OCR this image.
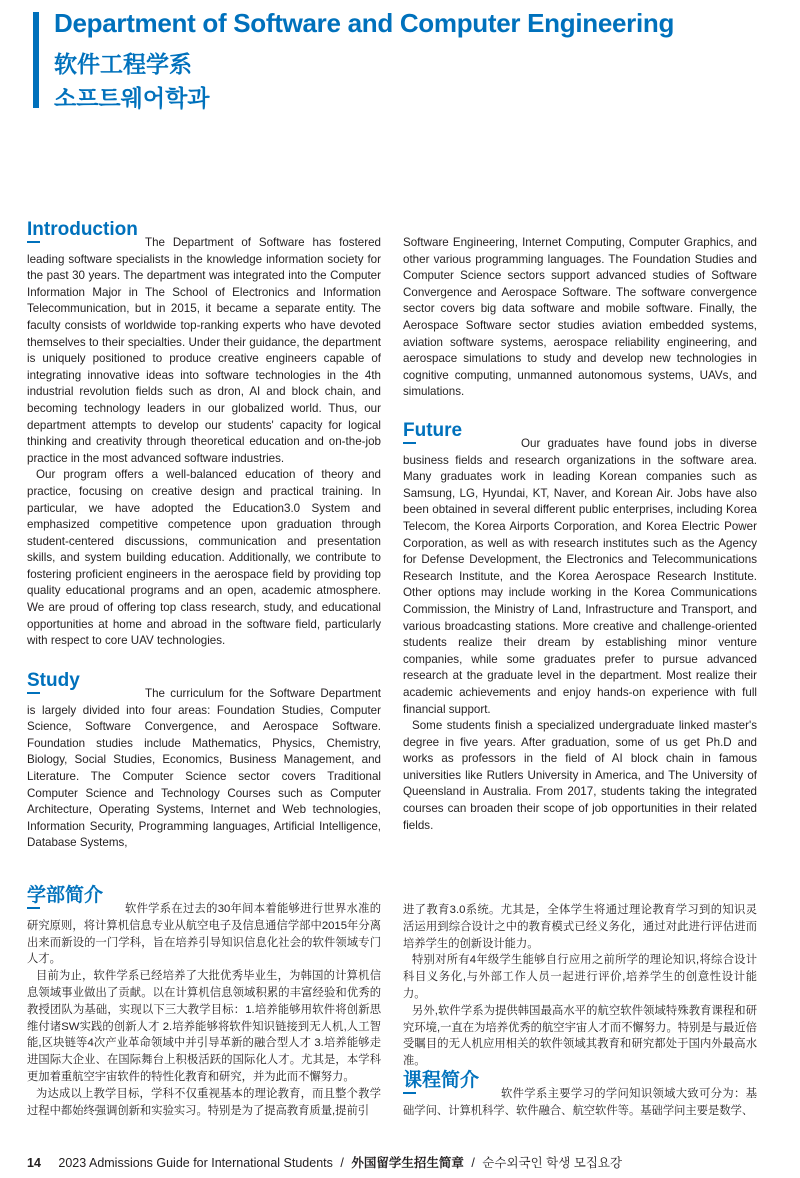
Department of Software and Computer Engineering
软件工程学系
소프트웨어학과
Introduction

The Department of Software has fostered leading software specialists in the knowledge information society for the past 30 years. The department was integrated into the Computer Information Major in The School of Electronics and Information Telecommunication, but in 2015, it became a separate entity. The faculty consists of worldwide top-ranking experts who have devoted themselves to their specialties. Under their guidance, the department is uniquely positioned to produce creative engineers capable of integrating innovative ideas into software technologies in the 4th industrial revolution fields such as dron, AI and block chain, and becoming technology leaders in our globalized world. Thus, our department attempts to develop our students' capacity for logical thinking and creativity through theoretical education and on-the-job practice in the most advanced software industries.

Our program offers a well-balanced education of theory and practice, focusing on creative design and practical training. In particular, we have adopted the Education3.0 System and emphasized competitive competence upon graduation through student-centered discussions, communication and presentation skills, and system building education. Additionally, we contribute to fostering proficient engineers in the aerospace field by providing top quality educational programs and an open, academic atmosphere. We are proud of offering top class research, study, and educational opportunities at home and abroad in the software field, particularly with respect to core UAV technologies.

Study

The curriculum for the Software Department is largely divided into four areas: Foundation Studies, Computer Science, Software Convergence, and Aerospace Software. Foundation studies include Mathematics, Physics, Chemistry, Biology, Social Studies, Economics, Business Management, and Literature. The Computer Science sector covers Traditional Computer Science and Technology Courses such as Computer Architecture, Operating Systems, Internet and Web technologies, Information Security, Programming languages, Artificial Intelligence, Database Systems,

Software Engineering, Internet Computing, Computer Graphics, and other various programming languages. The Foundation Studies and Computer Science sectors support advanced studies of Software Convergence and Aerospace Software. The software convergence sector covers big data software and mobile software. Finally, the Aerospace Software sector studies aviation embedded systems, aviation software systems, aerospace reliability engineering, and aerospace simulations to study and develop new technologies in cognitive computing, unmanned autonomous systems, UAVs, and simulations.

Future

Our graduates have found jobs in diverse business fields and research organizations in the software area. Many graduates work in leading Korean companies such as Samsung, LG, Hyundai, KT, Naver, and Korean Air. Jobs have also been obtained in several different public enterprises, including Korea Telecom, the Korea Airports Corporation, and Korea Electric Power Corporation, as well as with research institutes such as the Agency for Defense Development, the Electronics and Telecommunications Research Institute, and the Korea Aerospace Research Institute. Other options may include working in the Korea Communications Commission, the Ministry of Land, Infrastructure and Transport, and various broadcasting stations. More creative and challenge-oriented students realize their dream by establishing minor venture companies, while some graduates prefer to pursue advanced research at the graduate level in the department. Most realize their academic achievements and enjoy hands-on experience with full financial support.

Some students finish a specialized undergraduate linked master's degree in five years. After graduation, some of us get Ph.D and works as professors in the field of AI block chain in famous universities like Rutlers University in America, and The University of Queensland in Australia. From 2017, students taking the integrated courses can broaden their scope of job opportunities in their related fields.

学部简介

软件学系在过去的30年间本着能够进行世界水准的研究原则，将计算机信息专业从航空电子及信息通信学部中2015年分离出来而新设的一门学科，旨在培养引导知识信息化社会的软件领域专门人才。

目前为止，软件学系已经培养了大批优秀毕业生，为韩国的计算机信息领域事业做出了贡献。以在计算机信息领域积累的丰富经验和优秀的教授团队为基础，实现以下三大教学目标：1.培养能够用软件将创新思维付诸SW实践的创新人才 2.培养能够将软件知识链接到无人机,人工智能,区块链等4次产业革命领域中并引导革新的融合型人才 3.培养能够走进国际大企业、在国际舞台上积极活跃的国际化人才。尤其是，本学科更加着重航空宇宙软件的特性化教育和研究，并为此而不懈努力。

为达成以上教学目标，学科不仅重视基本的理论教育，而且整个教学过程中都始终强调创新和实验实习。特别是为了提高教育质量,提前引

进了教育3.0系统。尤其是，全体学生将通过理论教育学习到的知识灵活运用到综合设计之中的教育模式已经义务化，通过对此进行评估进而培养学生的创新设计能力。

特别对所有4年级学生能够自行应用之前所学的理论知识,将综合设计科目义务化,与外部工作人员一起进行评价,培养学生的创意性设计能力。

另外,软件学系为提供韩国最高水平的航空软件领域特殊教育课程和研究环境,一直在为培养优秀的航空宇宙人才而不懈努力。特别是与最近倍受瞩目的无人机应用相关的软件领域其教育和研究都处于国内外最高水准。

课程简介

软件学系主要学习的学问知识领域大致可分为：基础学问、计算机科学、软件融合、航空软件等。基础学问主要是数学、

14 2023 Admissions Guide for International Students / 外国留学生招生简章 / 순수외국인 학생 모집요강
